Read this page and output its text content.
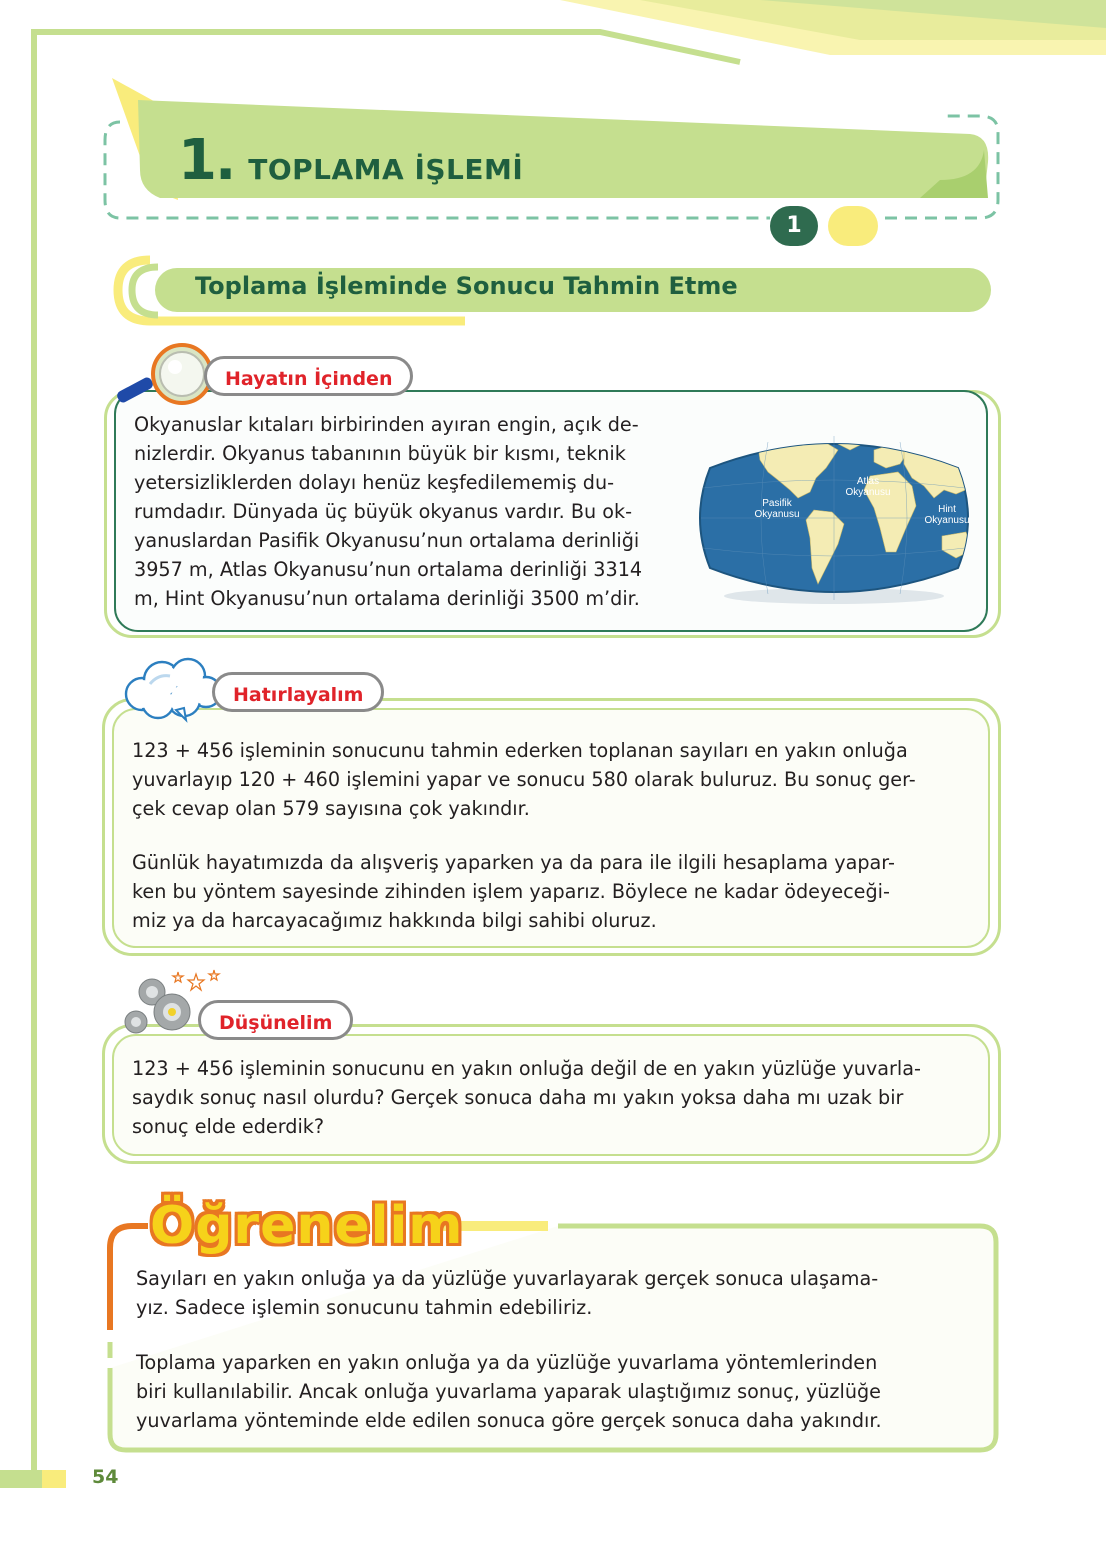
1. TOPLAMA İŞLEMİ
1
Toplama İşleminde Sonucu Tahmin Etme
Hayatın İçinden
Okyanuslar kıtaları birbirinden ayıran engin, açık de-
nizlerdir. Okyanus tabanının büyük bir kısmı, teknik
yetersizliklerden dolayı henüz keşfedilememiş du-
rumdadır. Dünyada üç büyük okyanus vardır. Bu ok-
yanuslardan Pasifik Okyanusu’nun ortalama derinliği
3957 m, Atlas Okyanusu’nun ortalama derinliği 3314
m, Hint Okyanusu’nun ortalama derinliği 3500 m’dir.
Pasifik
Okyanusu
Atlas
Okyanusu
Hint
Okyanusu
Hatırlayalım
123 + 456 işleminin sonucunu tahmin ederken toplanan sayıları en yakın onluğa
yuvarlayıp 120 + 460 işlemini yapar ve sonucu 580 olarak buluruz. Bu sonuç ger-
çek cevap olan 579 sayısına çok yakındır.
Günlük hayatımızda da alışveriş yaparken ya da para ile ilgili hesaplama yapar-
ken bu yöntem sayesinde zihinden işlem yaparız. Böylece ne kadar ödeyeceği-
miz ya da harcayacağımız hakkında bilgi sahibi oluruz.
Düşünelim
123 + 456 işleminin sonucunu en yakın onluğa değil de en yakın yüzlüğe yuvarla-
saydık sonuç nasıl olurdu? Gerçek sonuca daha mı yakın yoksa daha mı uzak bir
sonuç elde ederdik?
Öğrenelim
Sayıları en yakın onluğa ya da yüzlüğe yuvarlayarak gerçek sonuca ulaşama-
yız. Sadece işlemin sonucunu tahmin edebiliriz.
Toplama yaparken en yakın onluğa ya da yüzlüğe yuvarlama yöntemlerinden
biri kullanılabilir. Ancak onluğa yuvarlama yaparak ulaştığımız sonuç, yüzlüğe
yuvarlama yönteminde elde edilen sonuca göre gerçek sonuca daha yakındır.
54
